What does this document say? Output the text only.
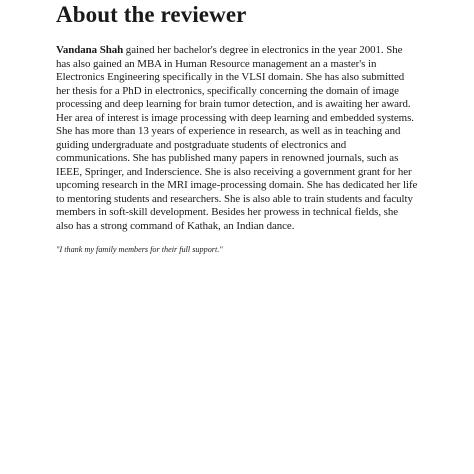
About the reviewer

Vandana Shah gained her bachelor's degree in electronics in the year 2001. She has also gained an MBA in Human Resource management an a master's in Electronics Engineering specifically in the VLSI domain. She has also submitted her thesis for a PhD in electronics, specifically concerning the domain of image processing and deep learning for brain tumor detection, and is awaiting her award. Her area of interest is image processing with deep learning and embedded systems. She has more than 13 years of experience in research, as well as in teaching and guiding undergraduate and postgraduate students of electronics and communications. She has published many papers in renowned journals, such as IEEE, Springer, and Inderscience. She is also receiving a government grant for her upcoming research in the MRI image-processing domain. She has dedicated her life to mentoring students and researchers. She is also able to train students and faculty members in soft-skill development. Besides her prowess in technical fields, she also has a strong command of Kathak, an Indian dance.

"I thank my family members for their full support."
